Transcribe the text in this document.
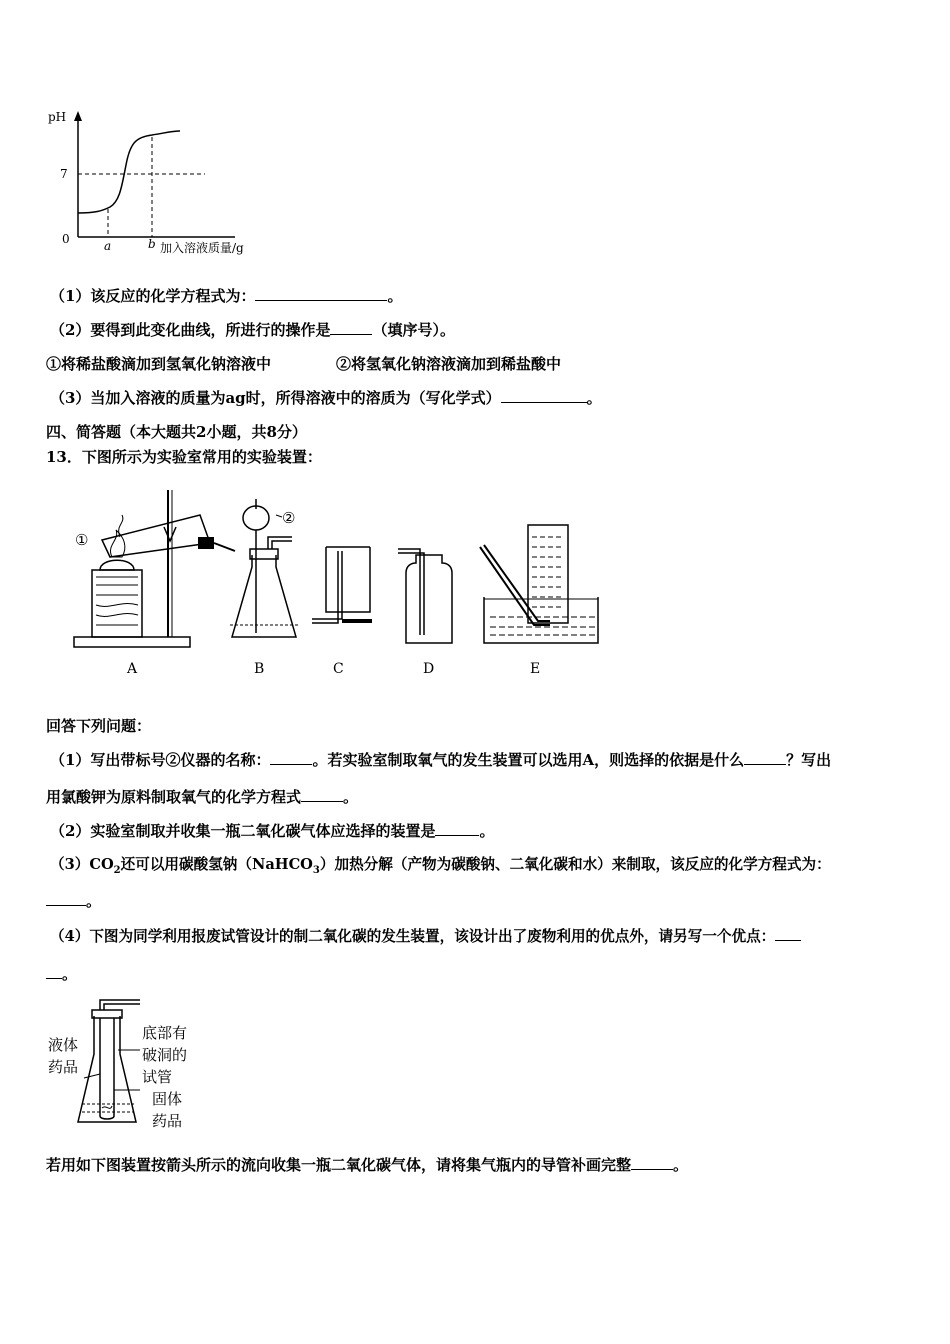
pH
7
0	a	b 加入溶液质量/g
（1）该反应的化学方程式为：	。
（2）要得到此变化曲线，所进行的操作是	（填序号）。
①将稀盐酸滴加到氢氧化钠溶液中	②将氢氧化钠溶液滴加到稀盐酸中
（3）当加入溶液的质量为ag时，所得溶液中的溶质为（写化学式）	。
四、简答题（本大题共2小题，共8分）
13．下图所示为实验室常用的实验装置：
①
②
A	B	C	D	E
回答下列问题：
（1）写出带标号②仪器的名称：	。若实验室制取氧气的发生装置可以选用A，则选择的依据是什么	？写出
用氯酸钾为原料制取氧气的化学方程式	。
（2）实验室制取并收集一瓶二氧化碳气体应选择的装置是	。
$(3)CO_2$还可以用碳酸氢钠（NaHCO$_3$）加热分解（产物为碳酸钠、二氧化碳和水）来制取，该反应的化学方程式为：
。
（4）下图为同学利用报废试管设计的制二氧化碳的发生装置，该设计出了废物利用的优点外，请另写一个优点：
。
液体
药品
底部有
破洞的
试管
固体
药品
若用如下图装置按箭头所示的流向收集一瓶二氧化碳气体，请将集气瓶内的导管补画完整	。
